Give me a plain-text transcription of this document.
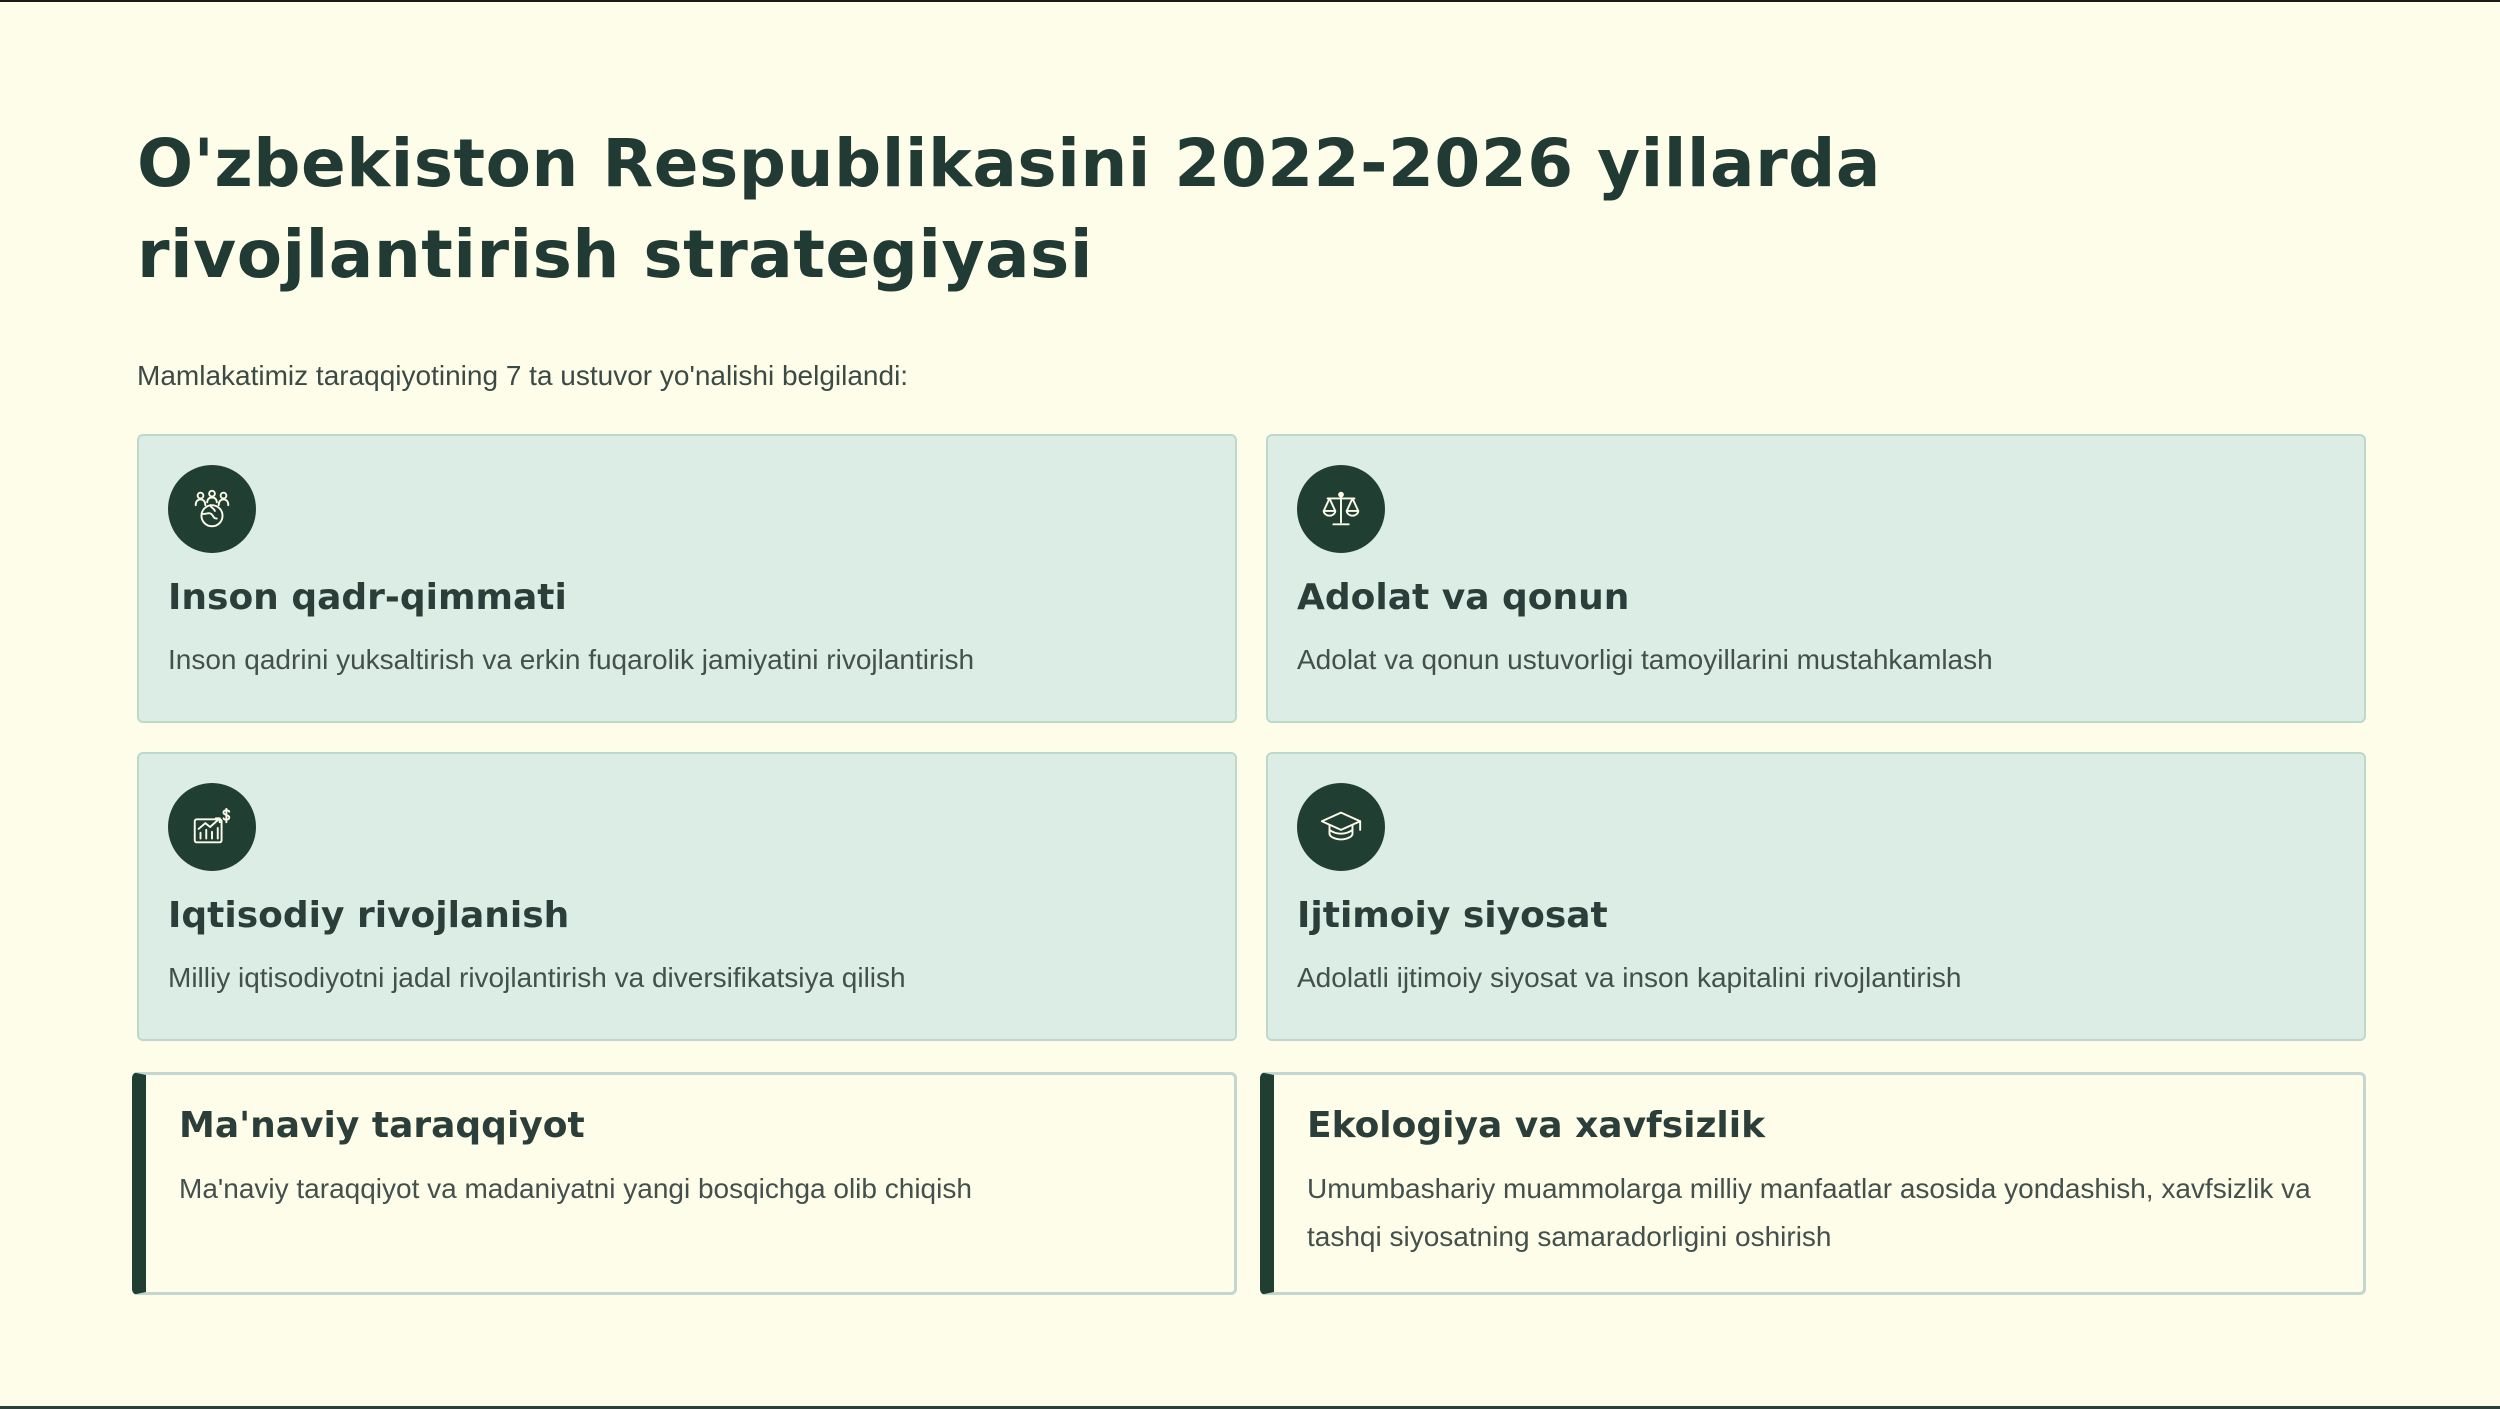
O'zbekiston Respublikasini 2022-2026 yillarda
rivojlantirish strategiyasi
Mamlakatimiz taraqqiyotining 7 ta ustuvor yo'nalishi belgilandi:
Inson qadr-qimmati
Inson qadrini yuksaltirish va erkin fuqarolik jamiyatini rivojlantirish
Adolat va qonun
Adolat va qonun ustuvorligi tamoyillarini mustahkamlash
Iqtisodiy rivojlanish
Milliy iqtisodiyotni jadal rivojlantirish va diversifikatsiya qilish
Ijtimoiy siyosat
Adolatli ijtimoiy siyosat va inson kapitalini rivojlantirish
Ma'naviy taraqqiyot
Ma'naviy taraqqiyot va madaniyatni yangi bosqichga olib chiqish
Ekologiya va xavfsizlik
Umumbashariy muammolarga milliy manfaatlar asosida yondashish, xavfsizlik va tashqi siyosatning samaradorligini oshirish
